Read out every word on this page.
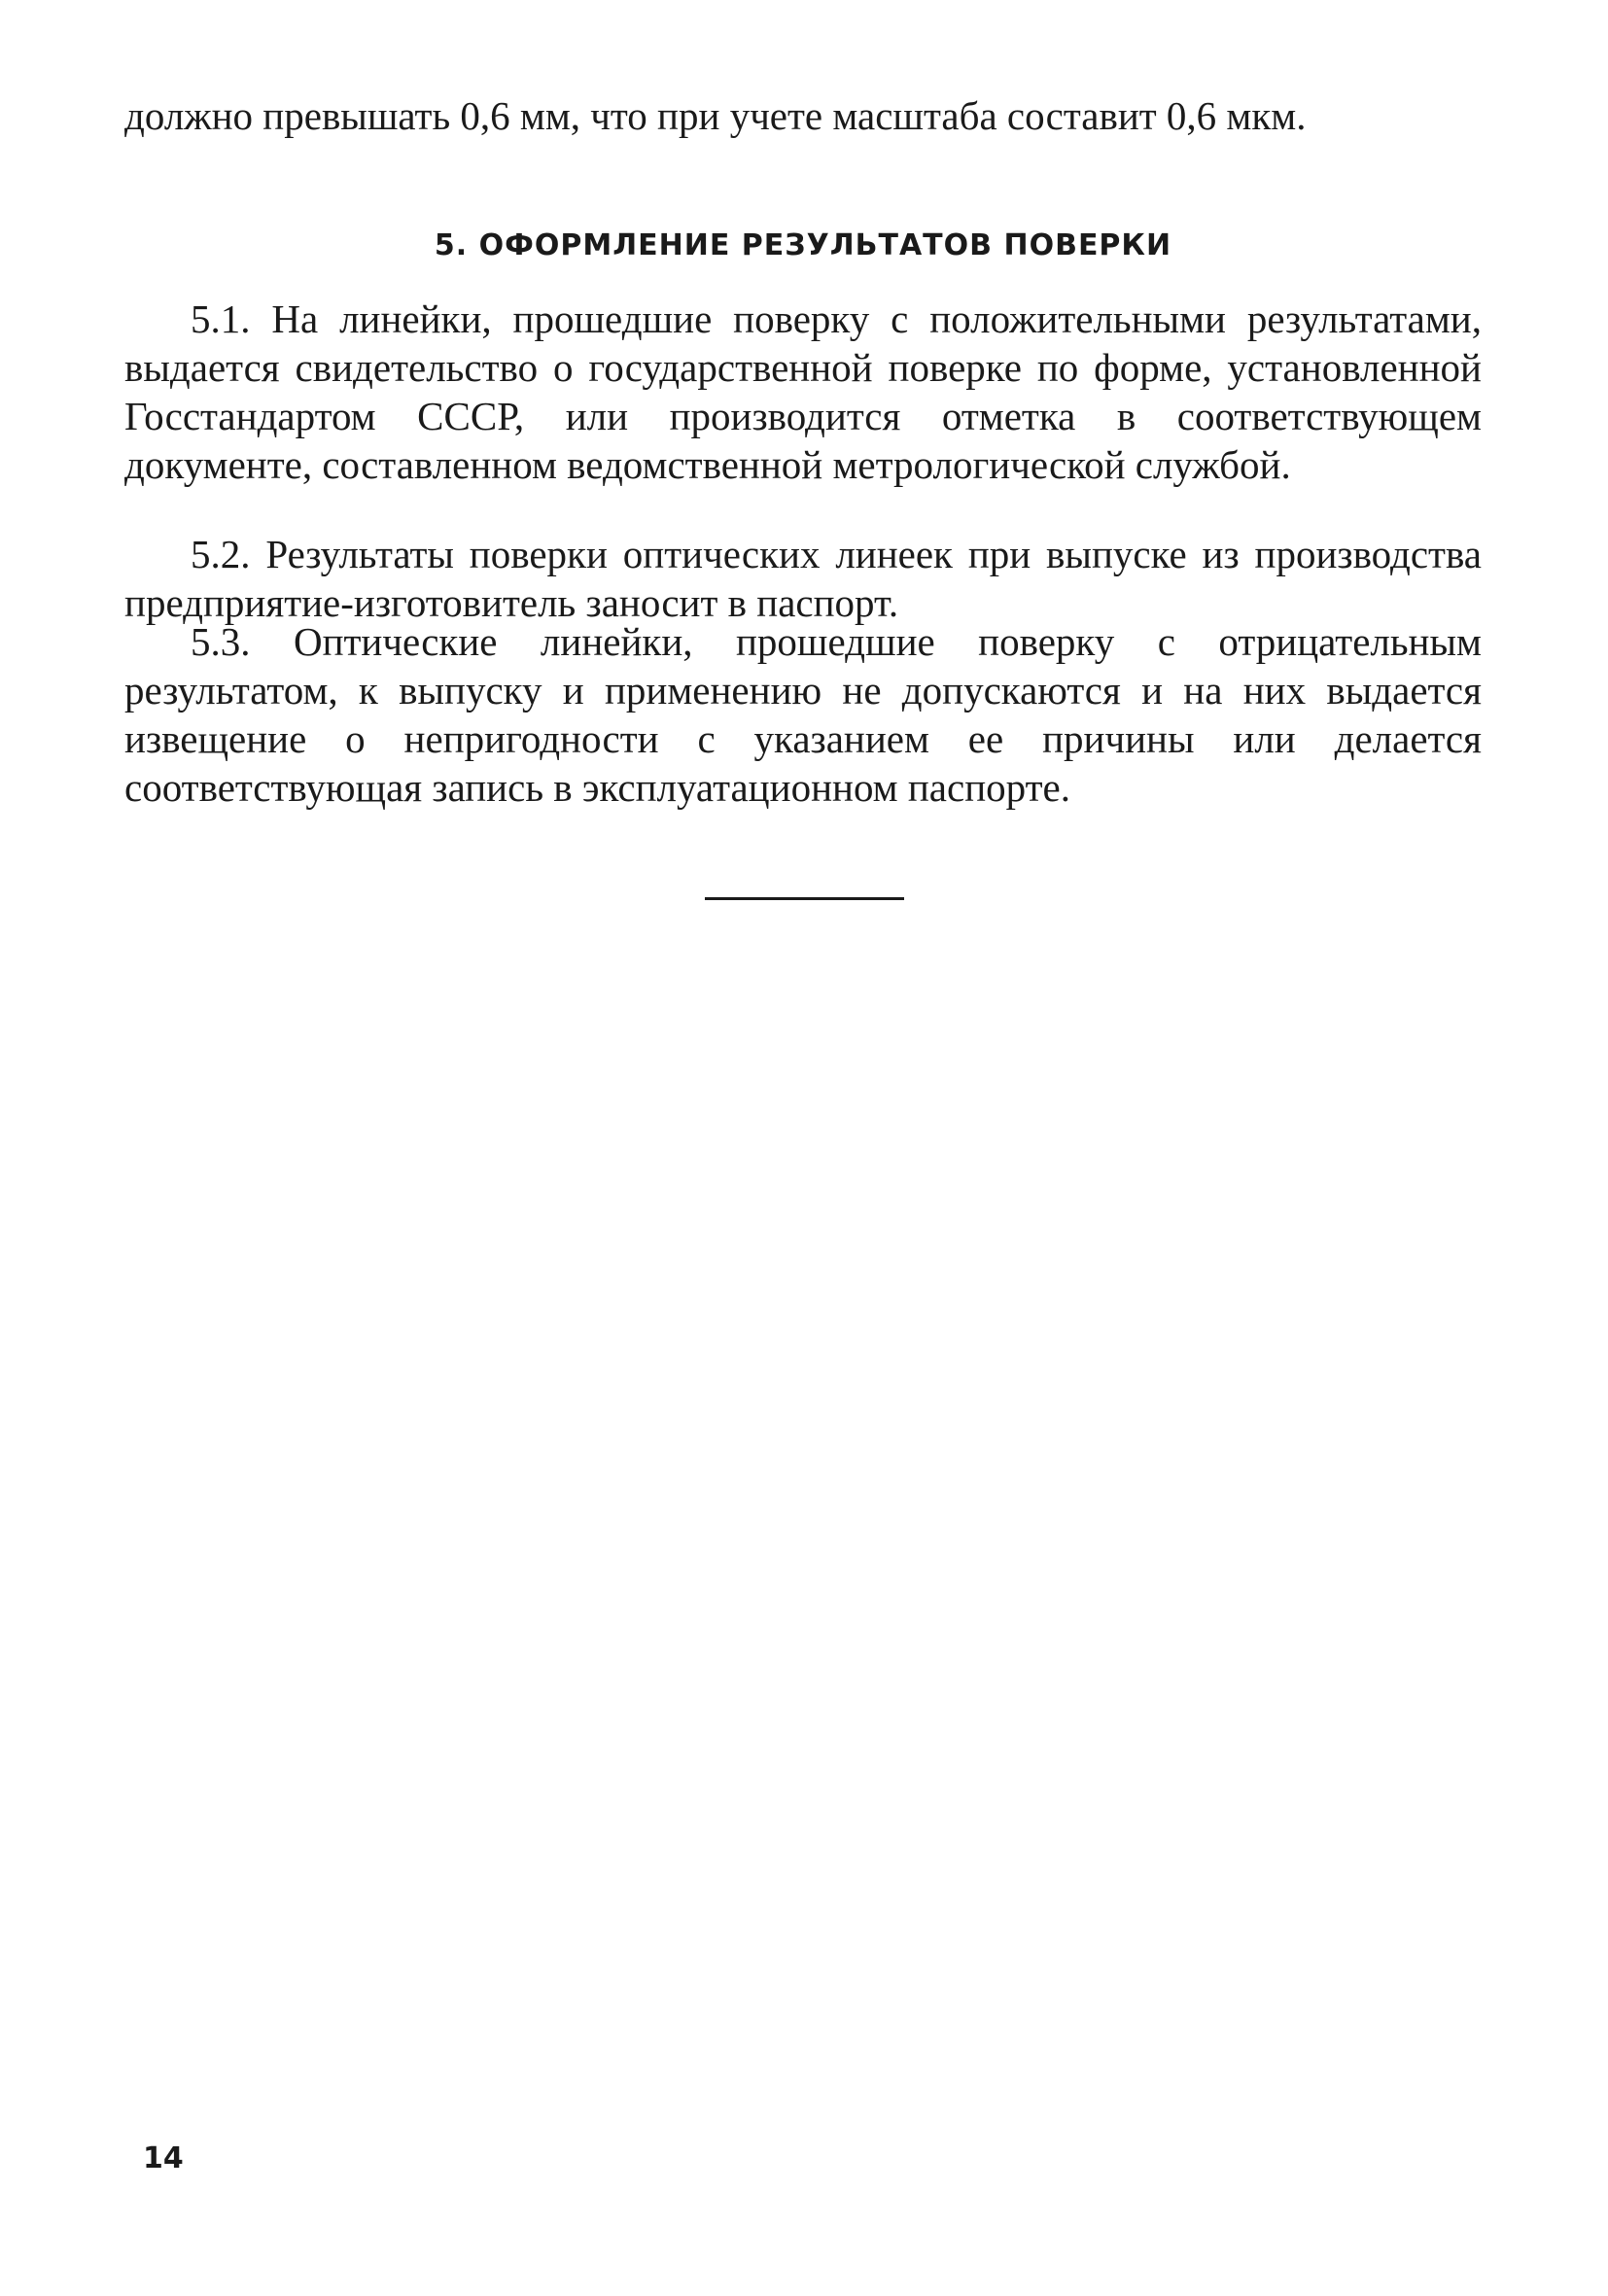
должно превышать 0,6 мм, что при учете масштаба составит 0,6 мкм.

5. ОФОРМЛЕНИЕ РЕЗУЛЬТАТОВ ПОВЕРКИ

5.1. На линейки, прошедшие поверку с положительными результатами, выдается свидетельство о государственной поверке по форме, установленной Госстандартом СССР, или производится отметка в соответствующем документе, составленном ведомственной метрологической службой.

5.2. Результаты поверки оптических линеек при выпуске из производства предприятие-изготовитель заносит в паспорт.

5.3. Оптические линейки, прошедшие поверку с отрицательным результатом, к выпуску и применению не допускаются и на них выдается извещение о непригодности с указанием ее причины или делается соответствующая запись в эксплуатационном паспорте.

14
